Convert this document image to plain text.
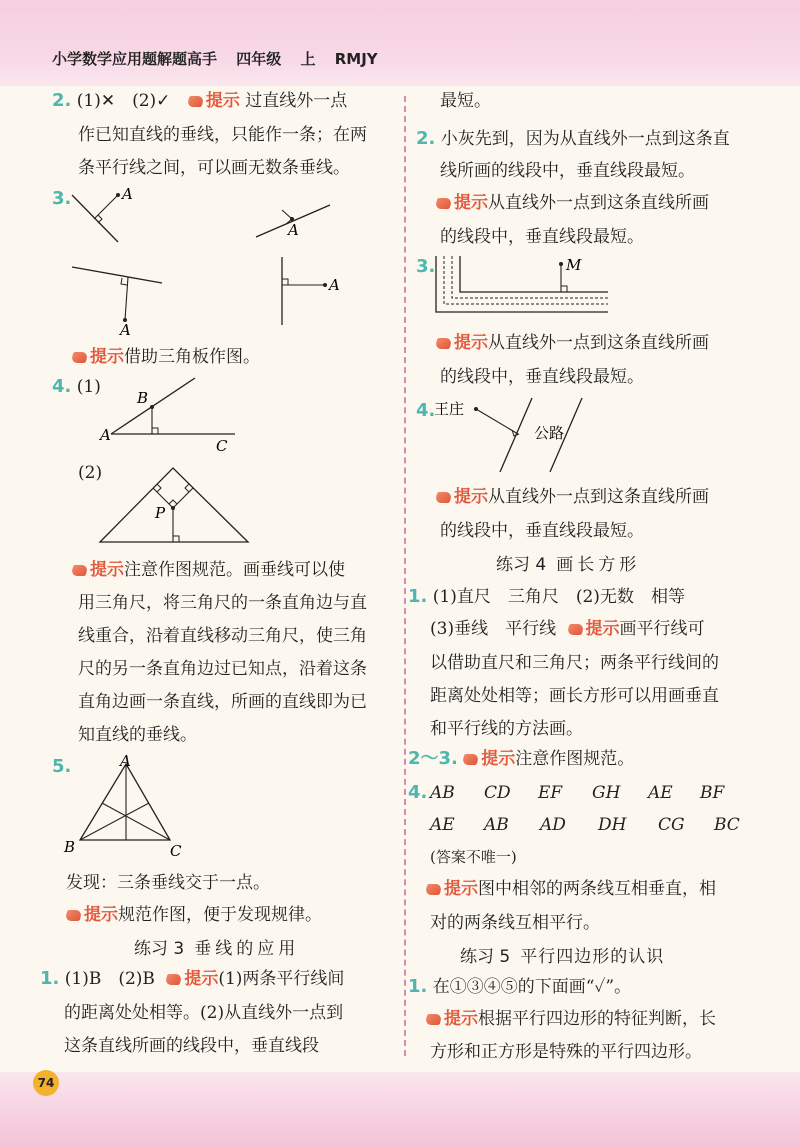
小学数学应用题解题高手 四年级 上 RMJY
2. (1)✕　(2)✓ 提示 过直线外一点
作已知直线的垂线，只能作一条；在两
条平行线之间，可以画无数条垂线。
3.	A
A
A
A
提示借助三角板作图。
4. (1)
A
B
C
(2)
P
提示注意作图规范。画垂线可以使
用三角尺，将三角尺的一条直角边与直
线重合，沿着直线移动三角尺，使三角
尺的另一条直角边过已知点，沿着这条
直角边画一条直线，所画的直线即为已
知直线的垂线。
5.	A
B	C
发现：三条垂线交于一点。
提示规范作图，便于发现规律。
练习 3 垂线的应用
1. (1)B　(2)B 提示(1)两条平行线间
的距离处处相等。(2)从直线外一点到
这条直线所画的线段中，垂直线段
最短。
2. 小灰先到，因为从直线外一点到这条直
线所画的线段中，垂直线段最短。
提示从直线外一点到这条直线所画
的线段中，垂直线段最短。
3.	M
提示从直线外一点到这条直线所画
的线段中，垂直线段最短。
4.
王庄
公路
提示从直线外一点到这条直线所画
的线段中，垂直线段最短。
练习 4 画长方形
1. (1)直尺　三角尺　(2)无数　相等
(3)垂线　平行线 提示画平行线可
以借助直尺和三角尺；两条平行线间的
距离处处相等；画长方形可以用画垂直
和平行线的方法画。
2～3. 提示注意作图规范。
4. AB CD EF GH AE BF
AE AB AD DH CG BC
(答案不唯一)
提示图中相邻的两条线互相垂直，相
对的两条线互相平行。
练习 5 平行四边形的认识
1. 在①③④⑤的下面画“✓”。
提示根据平行四边形的特征判断，长
方形和正方形是特殊的平行四边形。
74
